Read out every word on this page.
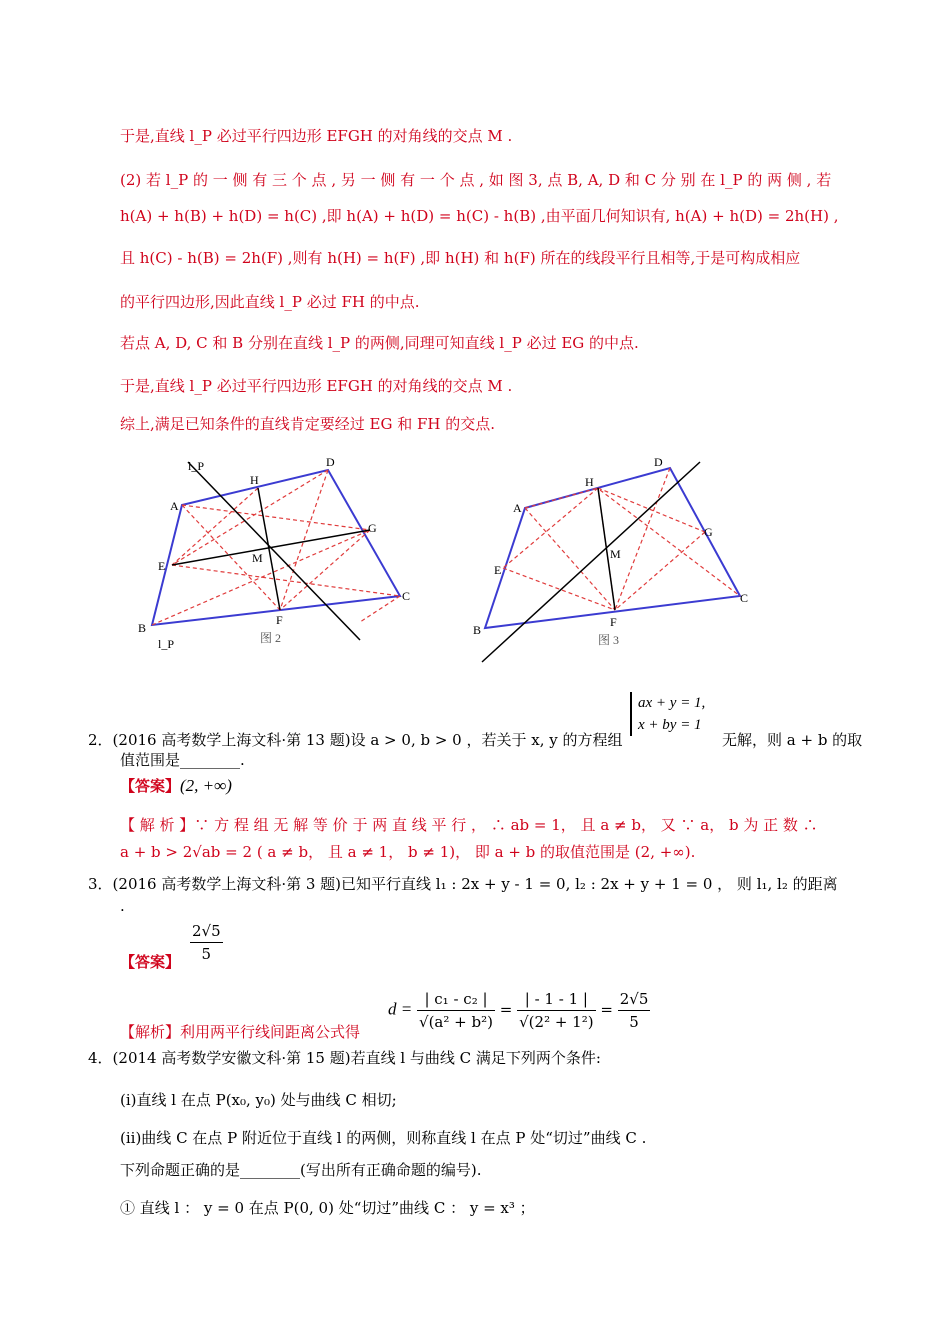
于是,直线 l_P 必过平行四边形 EFGH 的对角线的交点 M .
(2) 若 l_P 的 一 侧 有 三 个 点 , 另 一 侧 有 一 个 点 , 如 图 3, 点 B, A, D 和 C 分 别 在 l_P 的 两 侧 , 若
h(A) + h(B) + h(D) = h(C) ,即 h(A) + h(D) = h(C) - h(B) ,由平面几何知识有, h(A) + h(D) = 2h(H) ,
且 h(C) - h(B) = 2h(F) ,则有 h(H) = h(F) ,即 h(H) 和 h(F) 所在的线段平行且相等,于是可构成相应
的平行四边形,因此直线 l_P 必过 FH 的中点.
若点 A, D, C 和 B 分别在直线 l_P 的两侧,同理可知直线 l_P 必过 EG 的中点.
于是,直线 l_P 必过平行四边形 EFGH 的对角线的交点 M .
综上,满足已知条件的直线肯定要经过 EG 和 FH 的交点.
l_P
H
D
A
G
M
E
F
C
B
l_P	图 2
H
D
A
G
M
E
F
C
B
图 3
ax + y = 1,
x + by = 1
2．(2016 高考数学上海文科·第 13 题)设 a > 0, b > 0 ，若关于 x, y 的方程组	无解，则 a + b 的取
值范围是________.
【答案】(2, +∞)
【 解 析 】∵ 方 程 组 无 解 等 价 于 两 直 线 平 行 ， ∴ ab = 1， 且 a ≠ b， 又 ∵ a， b 为 正 数 ∴
a + b > 2√ab = 2 ( a ≠ b， 且 a ≠ 1， b ≠ 1)， 即 a + b 的取值范围是 (2, +∞).
3．(2016 高考数学上海文科·第 3 题)已知平行直线 l₁ : 2x + y - 1 = 0, l₂ : 2x + y + 1 = 0 ， 则 l₁, l₂ 的距离
.
$\frac{2√5}{5}$
【答案】
$d = \frac{\text{| c₁ - c₂ |}}{\text{√(a² + b²)}} = \frac{| - 1 - 1 |}{\text{√(2² + 1²)}} = \frac{2√5}{5}$
【解析】利用两平行线间距离公式得
4．(2014 高考数学安徽文科·第 15 题)若直线 l 与曲线 C 满足下列两个条件:
(i)直线 l 在点 P(x₀, y₀) 处与曲线 C 相切;
(ii)曲线 C 在点 P 附近位于直线 l 的两侧，则称直线 l 在点 P 处“切过”曲线 C .
下列命题正确的是________(写出所有正确命题的编号).
① 直线 l ： y = 0 在点 P(0, 0) 处“切过”曲线 C ： y = x³ ；
